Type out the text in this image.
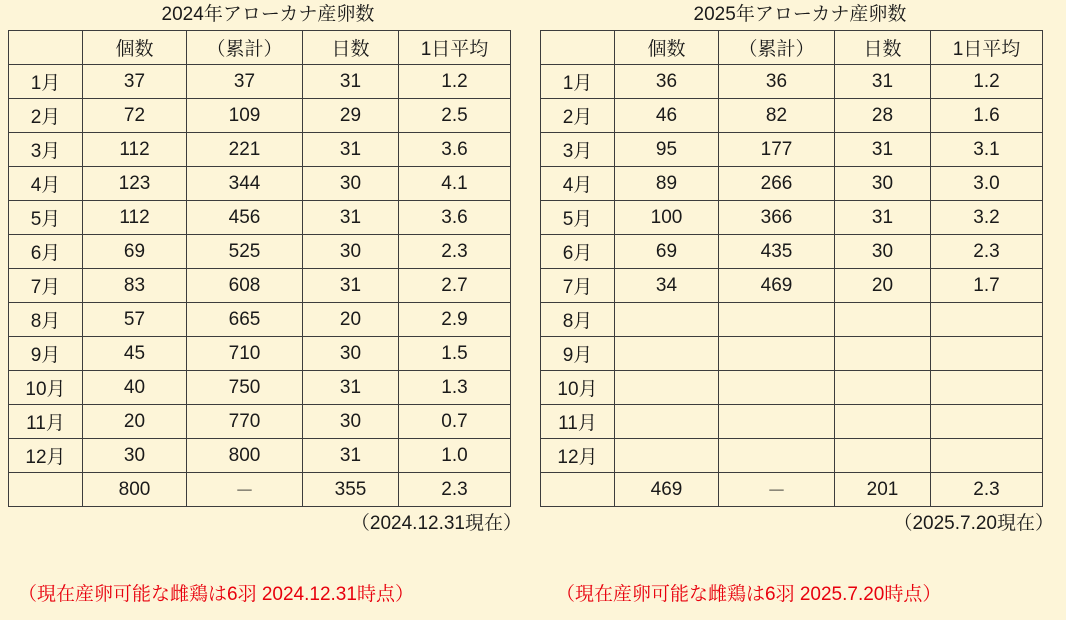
2024年アローカナ産卵数
	個数	（累計）	日数	1日平均
1月	37	37	31	1.2
2月	72	109	29	2.5
3月	112	221	31	3.6
4月	123	344	30	4.1
5月	112	456	31	3.6
6月	69	525	30	2.3
7月	83	608	31	2.7
8月	57	665	20	2.9
9月	45	710	30	1.5
10月	40	750	31	1.3
11月	20	770	30	0.7
12月	30	800	31	1.0
	800	－	355	2.3
（2024.12.31現在）
2025年アローカナ産卵数
	個数	（累計）	日数	1日平均
1月	36	36	31	1.2
2月	46	82	28	1.6
3月	95	177	31	3.1
4月	89	266	30	3.0
5月	100	366	31	3.2
6月	69	435	30	2.3
7月	34	469	20	1.7
8月				
9月				
10月				
11月				
12月				
	469	－	201	2.3
（2025.7.20現在）
（現在産卵可能な雌鶏は6羽 2024.12.31時点）	（現在産卵可能な雌鶏は6羽 2025.7.20時点）
